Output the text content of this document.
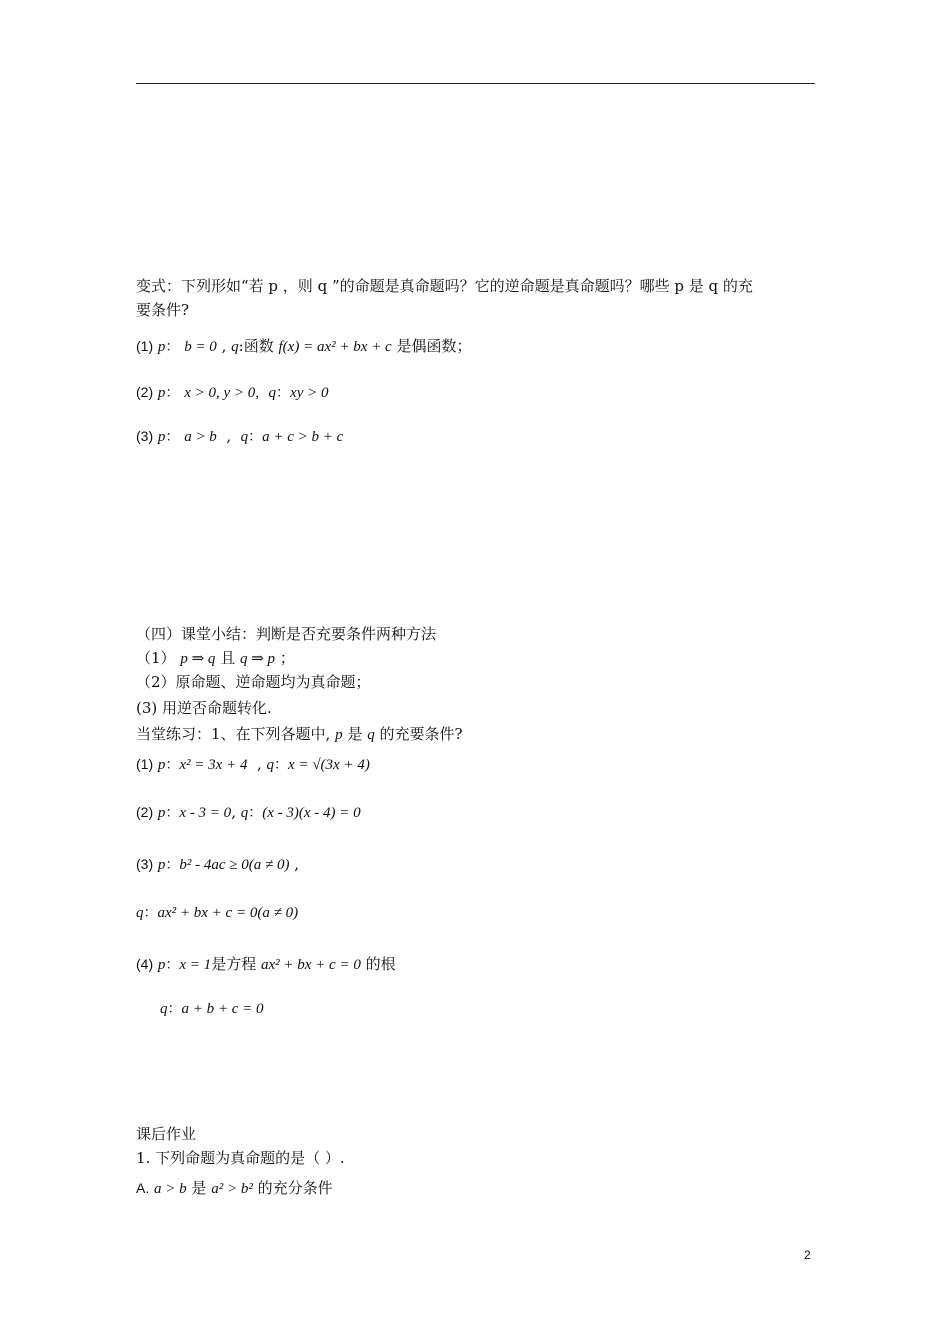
变式：下列形如“若 p ，则 q ”的命题是真命题吗？它的逆命题是真命题吗？哪些 p 是 q 的充
要条件?
(1) p： b = 0 , q:函数 f(x) = ax² + bx + c 是偶函数；
(2) p： x > 0, y > 0, q：xy > 0
(3) p： a > b  ,  q：a + c > b + c
（四）课堂小结：判断是否充要条件两种方法
（1） p ⇒ q 且 q ⇒ p ；
（2）原命题、逆命题均为真命题；
(3) 用逆否命题转化.
当堂练习：1、在下列各题中, p 是 q 的充要条件?
(1) p：x² = 3x + 4  , q：x = √(3x + 4)
(2) p：x - 3 = 0, q：(x - 3)(x - 4) = 0
(3) p：b² - 4ac ≥ 0(a ≠ 0) ,
q：ax² + bx + c = 0(a ≠ 0)
(4) p：x = 1是方程 ax² + bx + c = 0 的根
q：a + b + c = 0
课后作业
1. 下列命题为真命题的是（ ）.
A. a > b 是 a² > b² 的充分条件
2
